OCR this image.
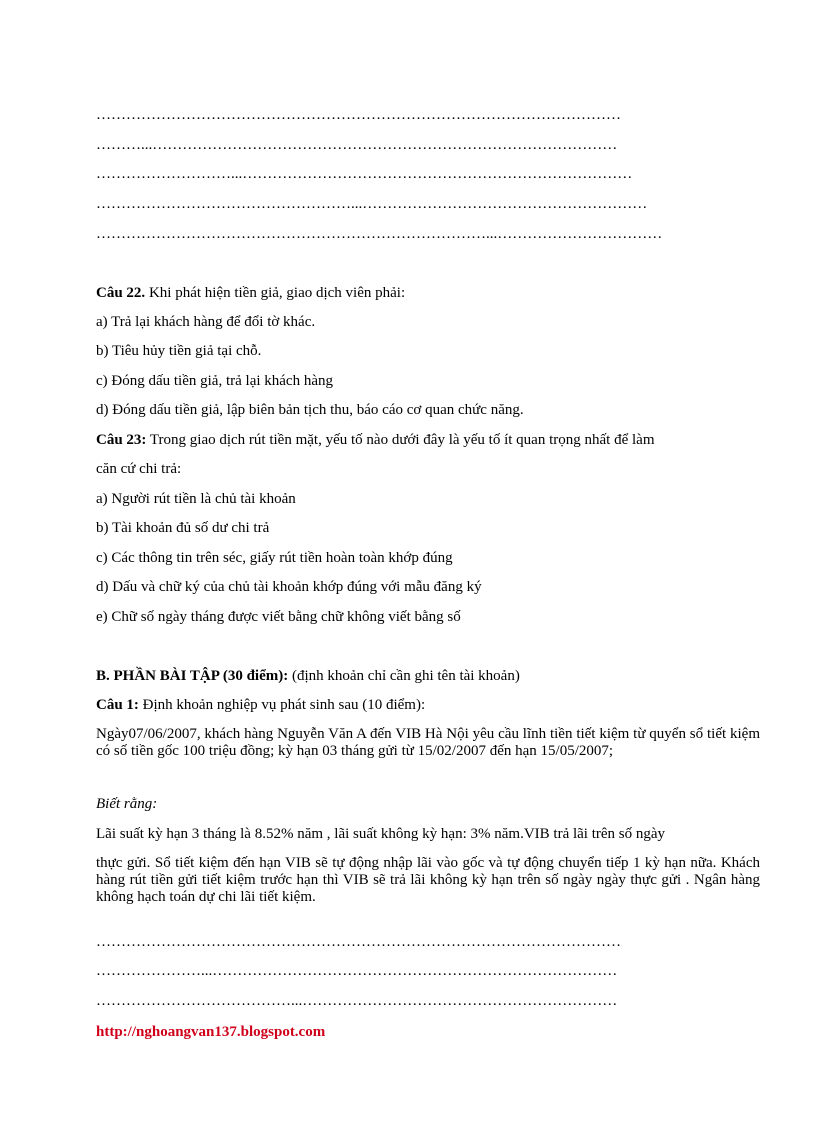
……………………………………………………………………………………………
………...…………………………………………………………………………………
………………………...……………………………………………………………………
……………………………………………...…………………………………………………
……………………………………………………………………...……………………………
Câu 22. Khi phát hiện tiền giả, giao dịch viên phải:
a) Trả lại khách hàng để đổi tờ khác.
b) Tiêu hủy tiền giả tại chỗ.
c) Đóng dấu tiền giả, trả lại khách hàng
d) Đóng dấu tiền giả, lập biên bản tịch thu, báo cáo cơ quan chức năng.
Câu 23: Trong giao dịch rút tiền mặt, yếu tố nào dưới đây là yếu tố ít quan trọng nhất để làm
căn cứ chi trả:
a) Người rút tiền là chủ tài khoản
b) Tài khoản đủ số dư chi trả
c) Các thông tin trên séc, giấy rút tiền hoàn toàn khớp đúng
d) Dấu và chữ ký của chủ tài khoản khớp đúng với mẫu đăng ký
e) Chữ số ngày tháng được viết bằng chữ không viết bằng số
B. PHẦN BÀI TẬP (30 điểm): (định khoản chỉ cần ghi tên tài khoản)
Câu 1: Định khoản nghiệp vụ phát sinh sau (10 điểm):
Ngày07/06/2007, khách hàng Nguyễn Văn A đến VIB Hà Nội yêu cầu lĩnh tiền tiết kiệm từ quyển sổ tiết kiệm có số tiền gốc 100 triệu đồng; kỳ hạn 03 tháng gửi từ 15/02/2007 đến hạn 15/05/2007;
Biết rằng:
Lãi suất kỳ hạn 3 tháng là 8.52% năm , lãi suất không kỳ hạn: 3% năm.VIB trả lãi trên số ngày
thực gửi. Sổ tiết kiệm đến hạn VIB sẽ tự động nhập lãi vào gốc và tự động chuyển tiếp 1 kỳ hạn nữa. Khách hàng rút tiền gửi tiết kiệm trước hạn thì VIB sẽ trả lãi không kỳ hạn trên số ngày ngày thực gửi . Ngân hàng không hạch toán dự chi lãi tiết kiệm.
……………………………………………………………………………………………
…………………...………………………………………………………………………
…………………………………...………………………………………………………
http://nghoangvan137.blogspot.com
